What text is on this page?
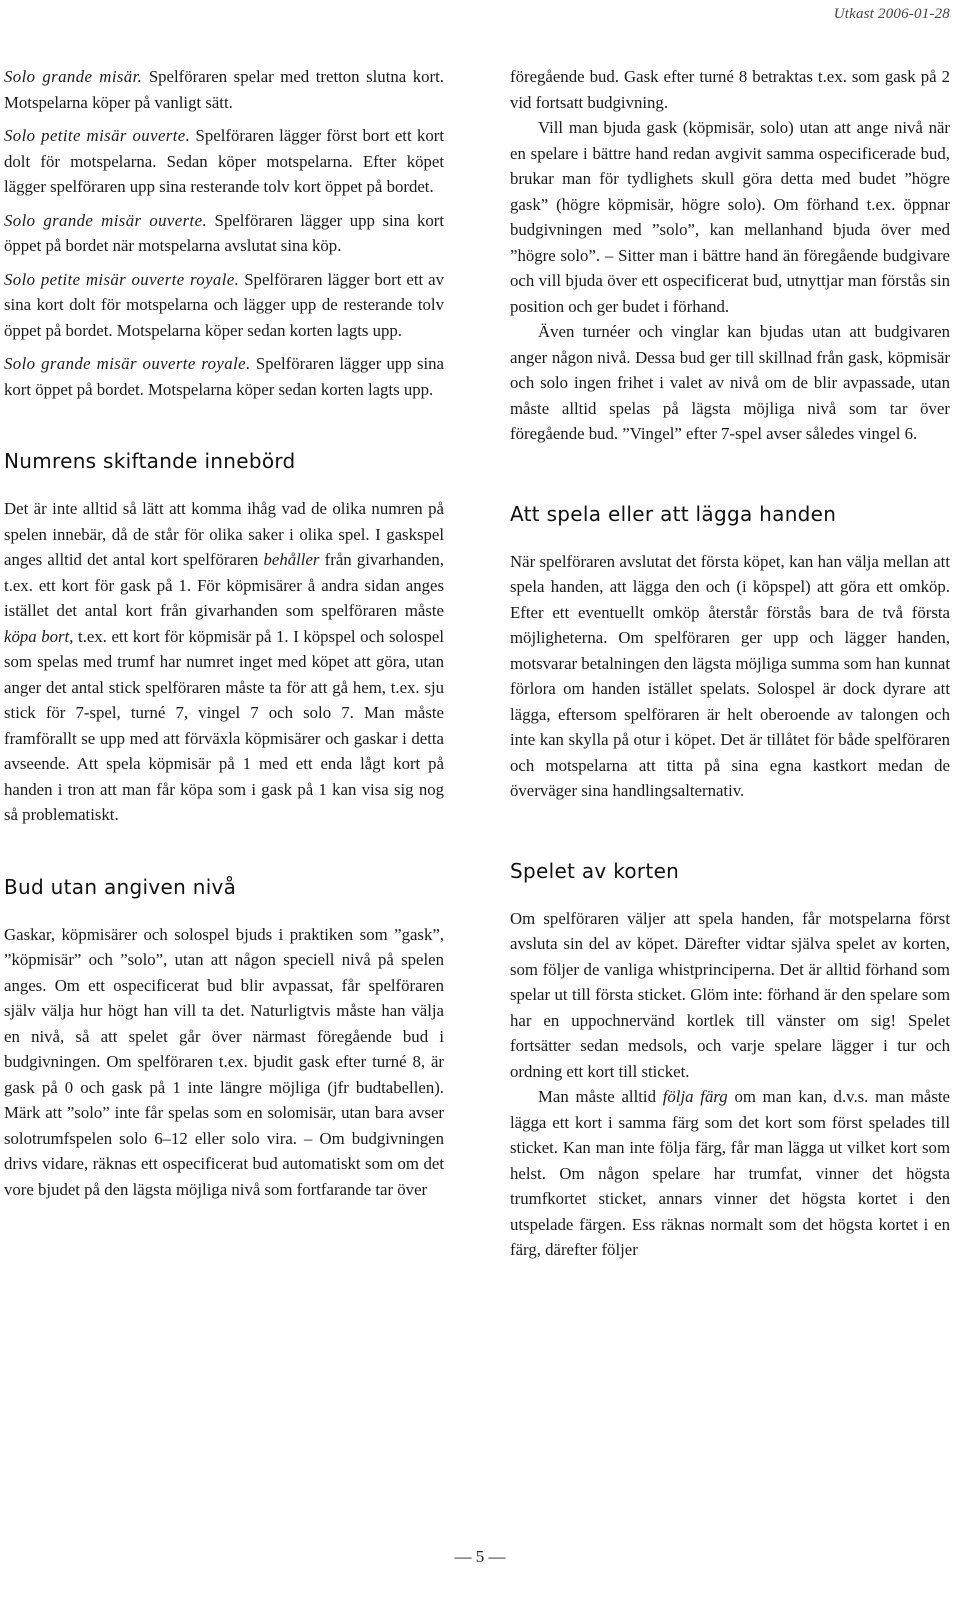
Utkast 2006-01-28

Solo grande misär. Spelföraren spelar med tretton slutna kort. Motspelarna köper på vanligt sätt.

Solo petite misär ouverte. Spelföraren lägger först bort ett kort dolt för motspelarna. Sedan köper motspelarna. Efter köpet lägger spelföraren upp sina resterande tolv kort öppet på bordet.

Solo grande misär ouverte. Spelföraren lägger upp sina kort öppet på bordet när motspelarna avslutat sina köp.

Solo petite misär ouverte royale. Spelföraren lägger bort ett av sina kort dolt för motspelarna och lägger upp de resterande tolv öppet på bordet. Motspelarna köper sedan korten lagts upp.

Solo grande misär ouverte royale. Spelföraren lägger upp sina kort öppet på bordet. Motspelarna köper sedan korten lagts upp.

Numrens skiftande innebörd

Det är inte alltid så lätt att komma ihåg vad de olika numren på spelen innebär, då de står för olika saker i olika spel. I gaskspel anges alltid det antal kort spelföraren behåller från givarhanden, t.ex. ett kort för gask på 1. För köpmisärer å andra sidan anges istället det antal kort från givarhanden som spelföraren måste köpa bort, t.ex. ett kort för köpmisär på 1. I köpspel och solospel som spelas med trumf har numret inget med köpet att göra, utan anger det antal stick spelföraren måste ta för att gå hem, t.ex. sju stick för 7-spel, turné 7, vingel 7 och solo 7. Man måste framförallt se upp med att förväxla köpmisärer och gaskar i detta avseende. Att spela köpmisär på 1 med ett enda lågt kort på handen i tron att man får köpa som i gask på 1 kan visa sig nog så problematiskt.

Bud utan angiven nivå

Gaskar, köpmisärer och solospel bjuds i praktiken som ”gask”, ”köpmisär” och ”solo”, utan att någon speciell nivå på spelen anges. Om ett ospecificerat bud blir avpassat, får spelföraren själv välja hur högt han vill ta det. Naturligtvis måste han välja en nivå, så att spelet går över närmast föregående bud i budgivningen. Om spelföraren t.ex. bjudit gask efter turné 8, är gask på 0 och gask på 1 inte längre möjliga (jfr budtabellen). Märk att ”solo” inte får spelas som en solomisär, utan bara avser solotrumfspelen solo 6–12 eller solo vira. – Om budgivningen drivs vidare, räknas ett ospecificerat bud automatiskt som om det vore bjudet på den lägsta möjliga nivå som fortfarande tar över

föregående bud. Gask efter turné 8 betraktas t.ex. som gask på 2 vid fortsatt budgivning.

Vill man bjuda gask (köpmisär, solo) utan att ange nivå när en spelare i bättre hand redan avgivit samma ospecificerade bud, brukar man för tydlighets skull göra detta med budet ”högre gask” (högre köpmisär, högre solo). Om förhand t.ex. öppnar budgivningen med ”solo”, kan mellanhand bjuda över med ”högre solo”. – Sitter man i bättre hand än föregående budgivare och vill bjuda över ett ospecificerat bud, utnyttjar man förstås sin position och ger budet i förhand.

Även turnéer och vinglar kan bjudas utan att budgivaren anger någon nivå. Dessa bud ger till skillnad från gask, köpmisär och solo ingen frihet i valet av nivå om de blir avpassade, utan måste alltid spelas på lägsta möjliga nivå som tar över föregående bud. ”Vingel” efter 7-spel avser således vingel 6.

Att spela eller att lägga handen

När spelföraren avslutat det första köpet, kan han välja mellan att spela handen, att lägga den och (i köpspel) att göra ett omköp. Efter ett eventuellt omköp återstår förstås bara de två första möjligheterna. Om spelföraren ger upp och lägger handen, motsvarar betalningen den lägsta möjliga summa som han kunnat förlora om handen istället spelats. Solospel är dock dyrare att lägga, eftersom spelföraren är helt oberoende av talongen och inte kan skylla på otur i köpet. Det är tillåtet för både spelföraren och motspelarna att titta på sina egna kastkort medan de överväger sina handlingsalternativ.

Spelet av korten

Om spelföraren väljer att spela handen, får motspelarna först avsluta sin del av köpet. Därefter vidtar själva spelet av korten, som följer de vanliga whistprinciperna. Det är alltid förhand som spelar ut till första sticket. Glöm inte: förhand är den spelare som har en uppochnervänd kortlek till vänster om sig! Spelet fortsätter sedan medsols, och varje spelare lägger i tur och ordning ett kort till sticket.

Man måste alltid följa färg om man kan, d.v.s. man måste lägga ett kort i samma färg som det kort som först spelades till sticket. Kan man inte följa färg, får man lägga ut vilket kort som helst. Om någon spelare har trumfat, vinner det högsta trumfkortet sticket, annars vinner det högsta kortet i den utspelade färgen. Ess räknas normalt som det högsta kortet i en färg, därefter följer

— 5 —
